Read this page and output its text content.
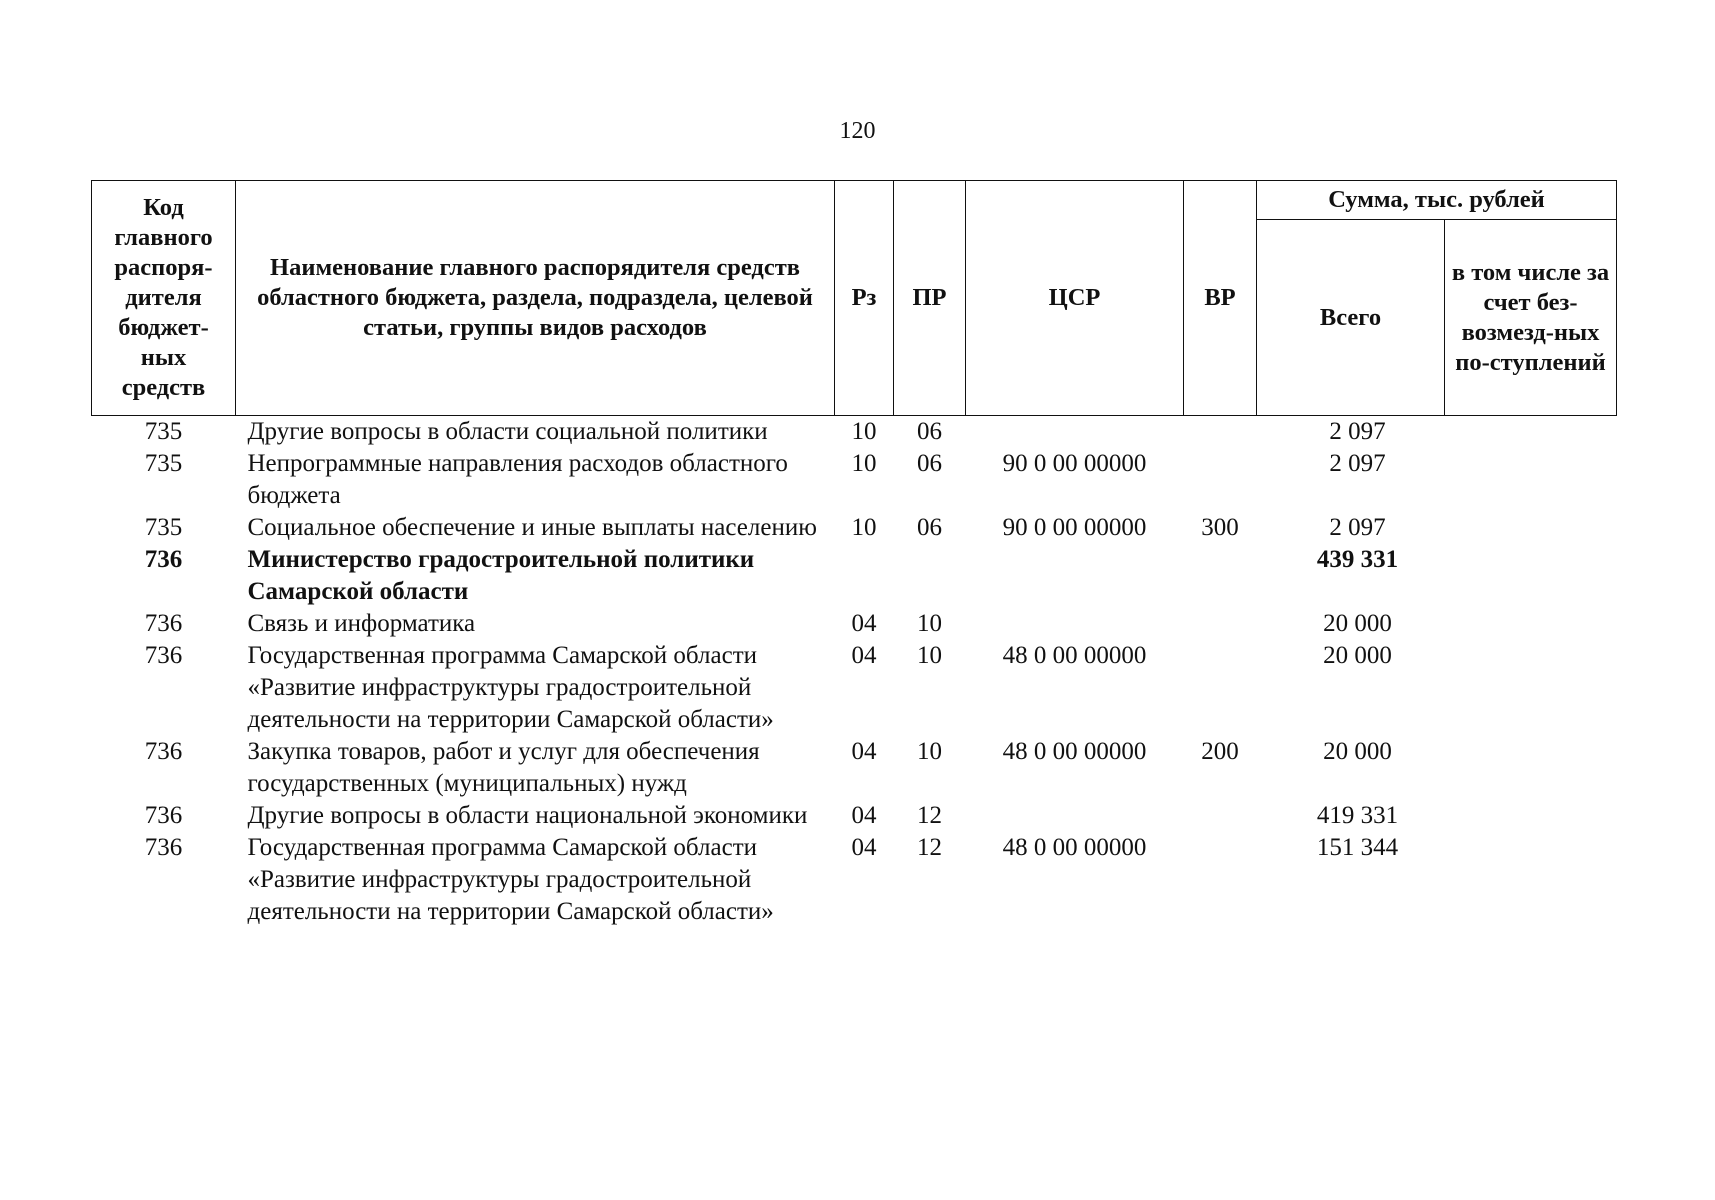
120
Код главного распоря-дителя бюджет-ных средств	Наименование главного распорядителя средств областного бюджета, раздела, подраздела, целевой статьи, группы видов расходов	Рз	ПР	ЦСР	ВР	Сумма, тыс. рублей	
						Всего	в том числе за счет без-возмезд-ных по-ступлений
735	Другие вопросы в области социальной политики	10	06			2 097	
735	Непрограммные направления расходов областного бюджета	10	06	90 0 00 00000		2 097	
735	Социальное обеспечение и иные выплаты населению	10	06	90 0 00 00000	300	2 097	
736	Министерство градостроительной политики Самарской области					439 331	
736	Связь и информатика	04	10			20 000	
736	Государственная программа Самарской области «Развитие инфраструктуры градостроительной деятельности на территории Самарской области»	04	10	48 0 00 00000		20 000	
736	Закупка товаров, работ и услуг для обеспечения государственных (муниципальных) нужд	04	10	48 0 00 00000	200	20 000	
736	Другие вопросы в области национальной экономики	04	12			419 331	
736	Государственная программа Самарской области «Развитие инфраструктуры градостроительной деятельности на территории Самарской области»	04	12	48 0 00 00000		151 344	
